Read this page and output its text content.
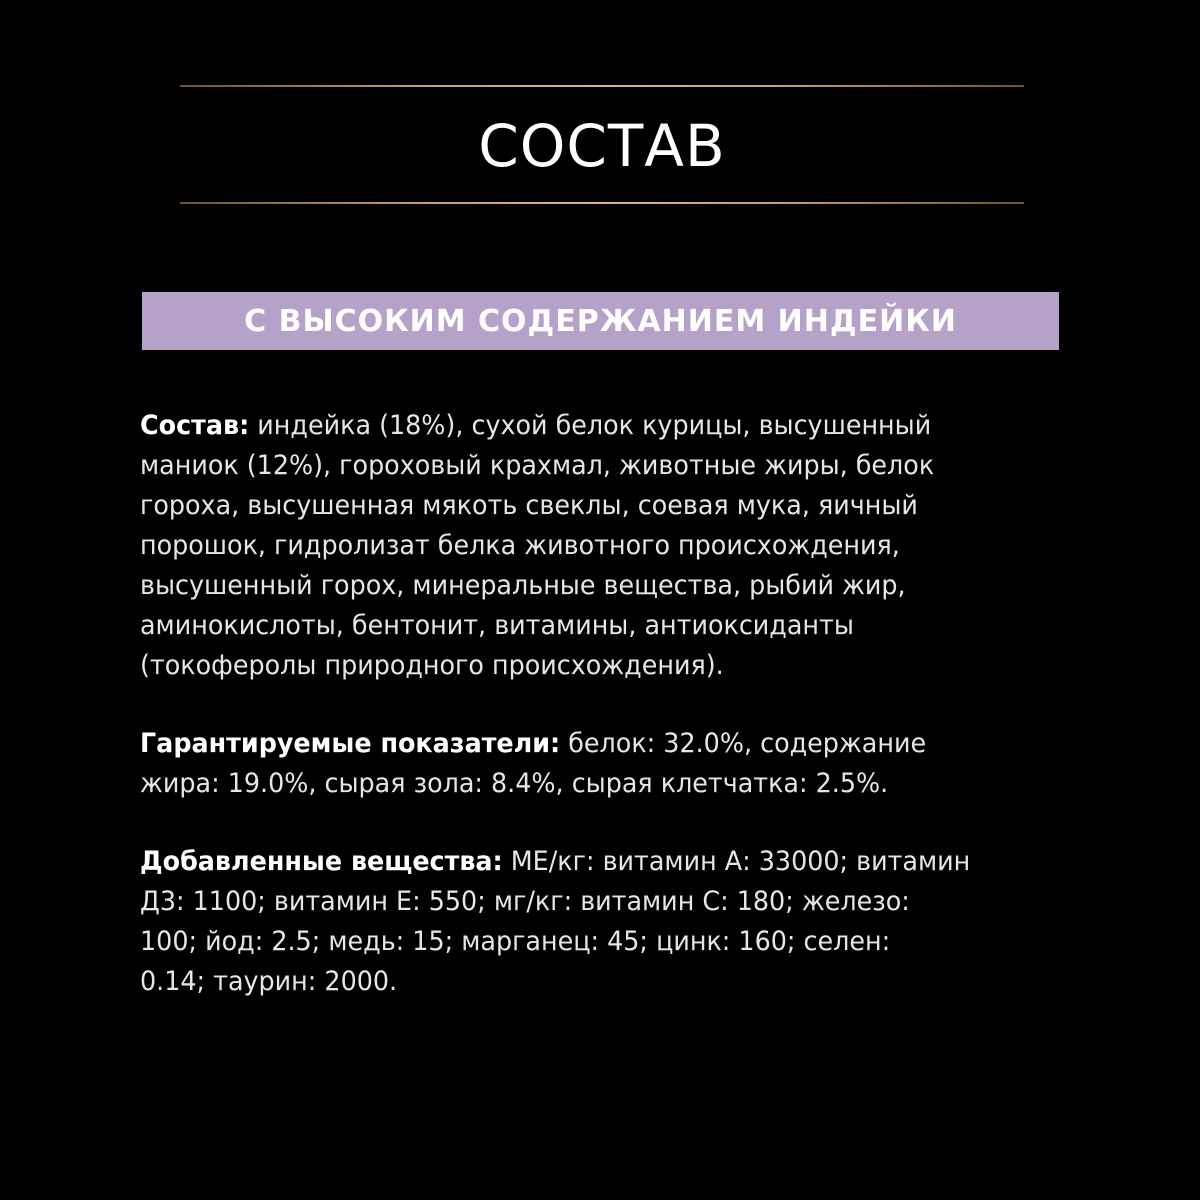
СОСТАВ
С ВЫСОКИМ СОДЕРЖАНИЕМ ИНДЕЙКИ

Состав: индейка (18%), сухой белок курицы, высушенный
маниок (12%), гороховый крахмал, животные жиры, белок
гороха, высушенная мякоть свеклы, соевая мука, яичный
порошок, гидролизат белка животного происхождения,
высушенный горох, минеральные вещества, рыбий жир,
аминокислоты, бентонит, витамины, антиоксиданты
(токоферолы природного происхождения).

Гарантируемые показатели: белок: 32.0%, содержание
жира: 19.0%, сырая зола: 8.4%, сырая клетчатка: 2.5%.

Добавленные вещества: МЕ/кг: витамин А: 33000; витамин
Д3: 1100; витамин Е: 550; мг/кг: витамин С: 180; железо:
100; йод: 2.5; медь: 15; марганец: 45; цинк: 160; селен:
0.14; таурин: 2000.
